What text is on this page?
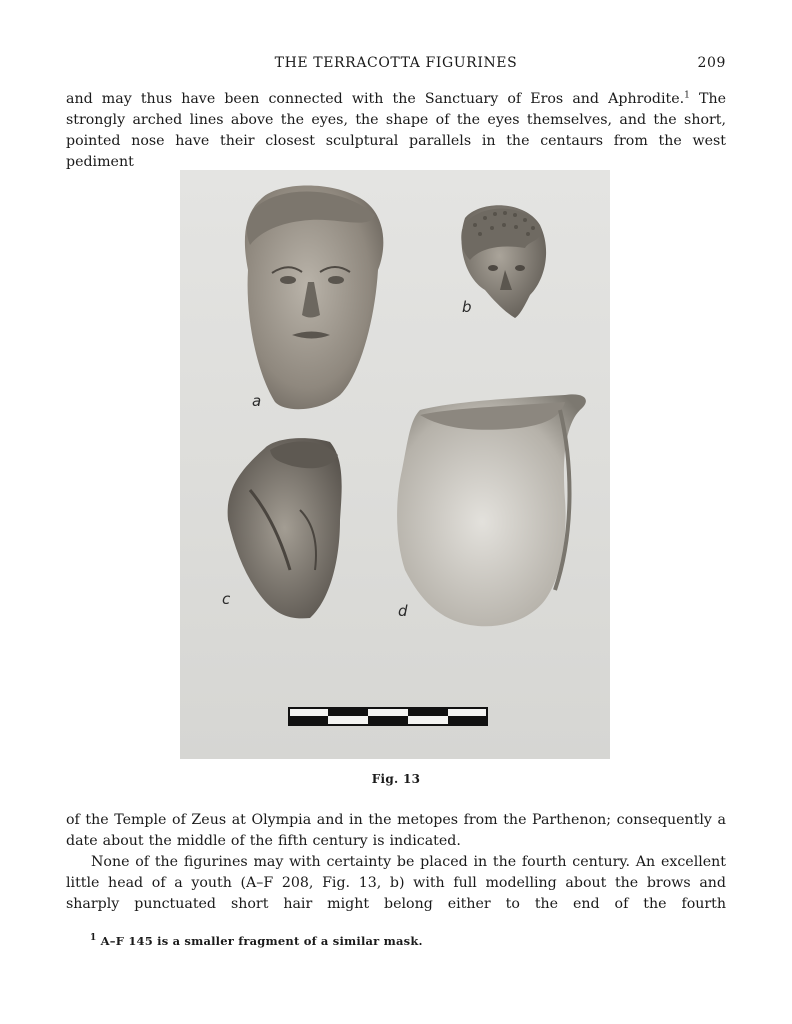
THE TERRACOTTA FIGURINES	209
and may thus have been connected with the Sanctuary of Eros and Aphrodite.$^1$ The strongly arched lines above the eyes, the shape of the eyes themselves, and the short, pointed nose have their closest sculptural parallels in the centaurs from the west pediment
a
b
c
d
Fig. 13
of the Temple of Zeus at Olympia and in the metopes from the Parthenon; consequently a date about the middle of the fifth century is indicated.
None of the figurines may with certainty be placed in the fourth century. An excellent little head of a youth (A–F 208, Fig. 13, b) with full modelling about the brows and sharply punctuated short hair might belong either to the end of the fourth
$^1$ A–F 145 is a smaller fragment of a similar mask.
